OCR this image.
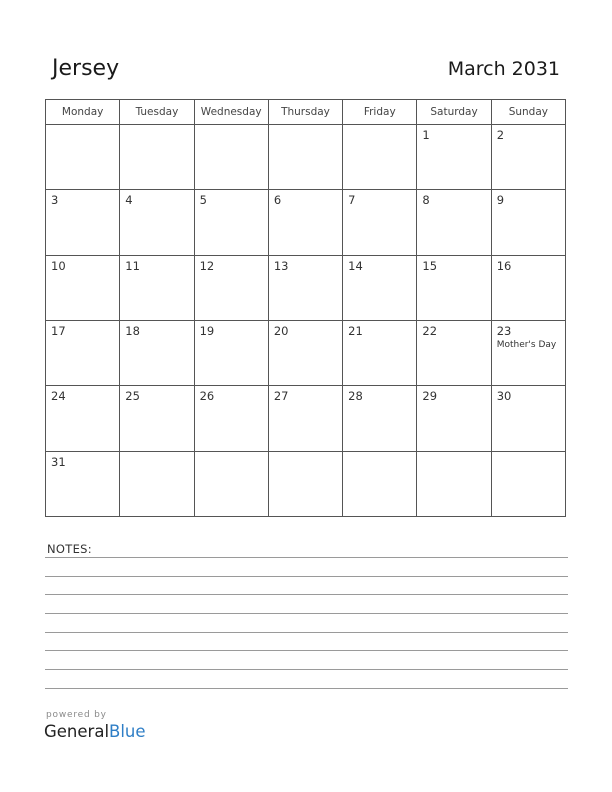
Jersey	March 2031
Monday	Tuesday	Wednesday	Thursday	Friday	Saturday	Sunday

					1	2

3	4	5	6	7	8	9

10	11	12	13	14	15	16

17	18	19	20	21	22	23
Mother's Day

24	25	26	27	28	29	30

31						

NOTES:
powered by
GeneralBlue
